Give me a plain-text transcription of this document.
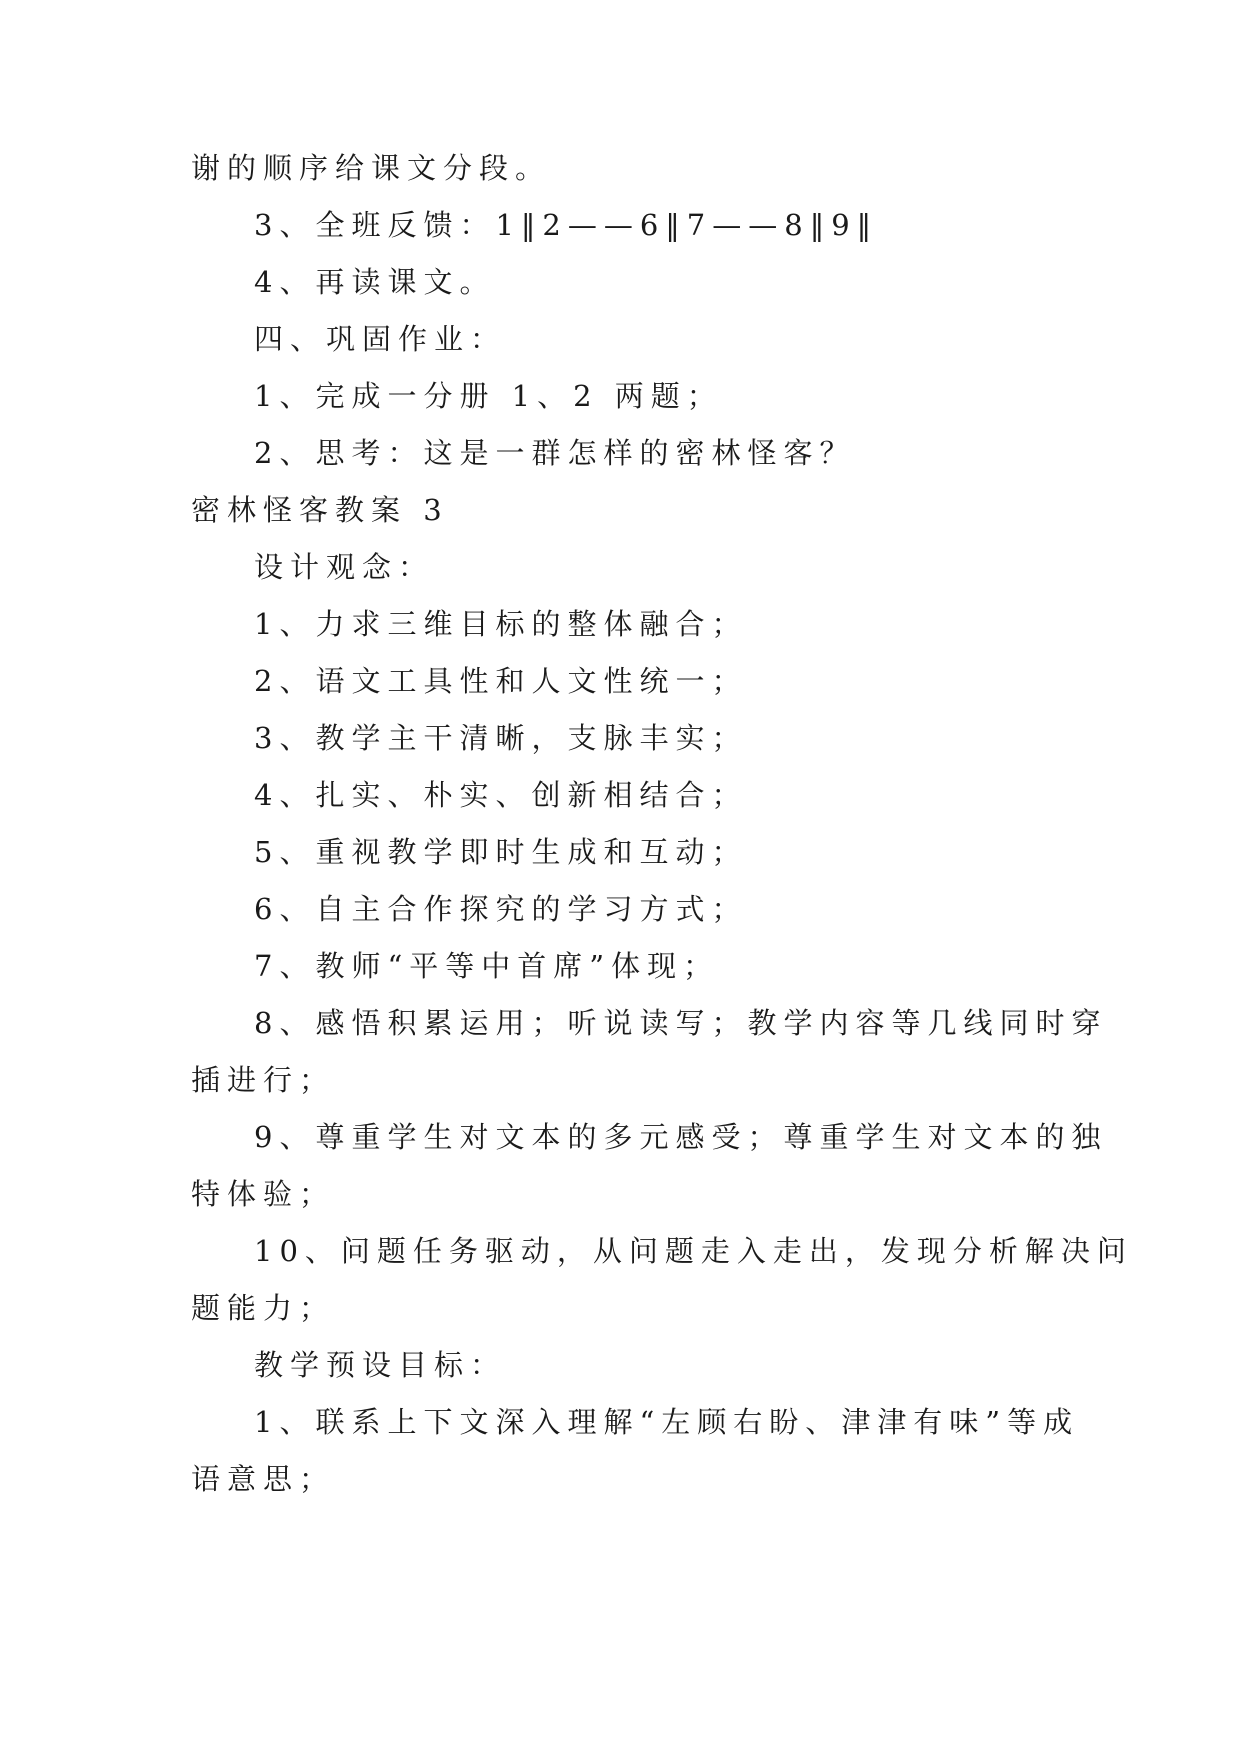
谢的顺序给课文分段。
3、全班反馈：1‖2——6‖7——8‖9‖
4、再读课文。
四、巩固作业：
1、完成一分册 1、2 两题；
2、思考：这是一群怎样的密林怪客？
密林怪客教案 3
设计观念：
1、力求三维目标的整体融合；
2、语文工具性和人文性统一；
3、教学主干清晰，支脉丰实；
4、扎实、朴实、创新相结合；
5、重视教学即时生成和互动；
6、自主合作探究的学习方式；
7、教师“平等中首席”体现；
8、感悟积累运用；听说读写；教学内容等几线同时穿
插进行；
9、尊重学生对文本的多元感受；尊重学生对文本的独
特体验；
10、问题任务驱动，从问题走入走出，发现分析解决问
题能力；
教学预设目标：
1、联系上下文深入理解“左顾右盼、津津有味”等成
语意思；
